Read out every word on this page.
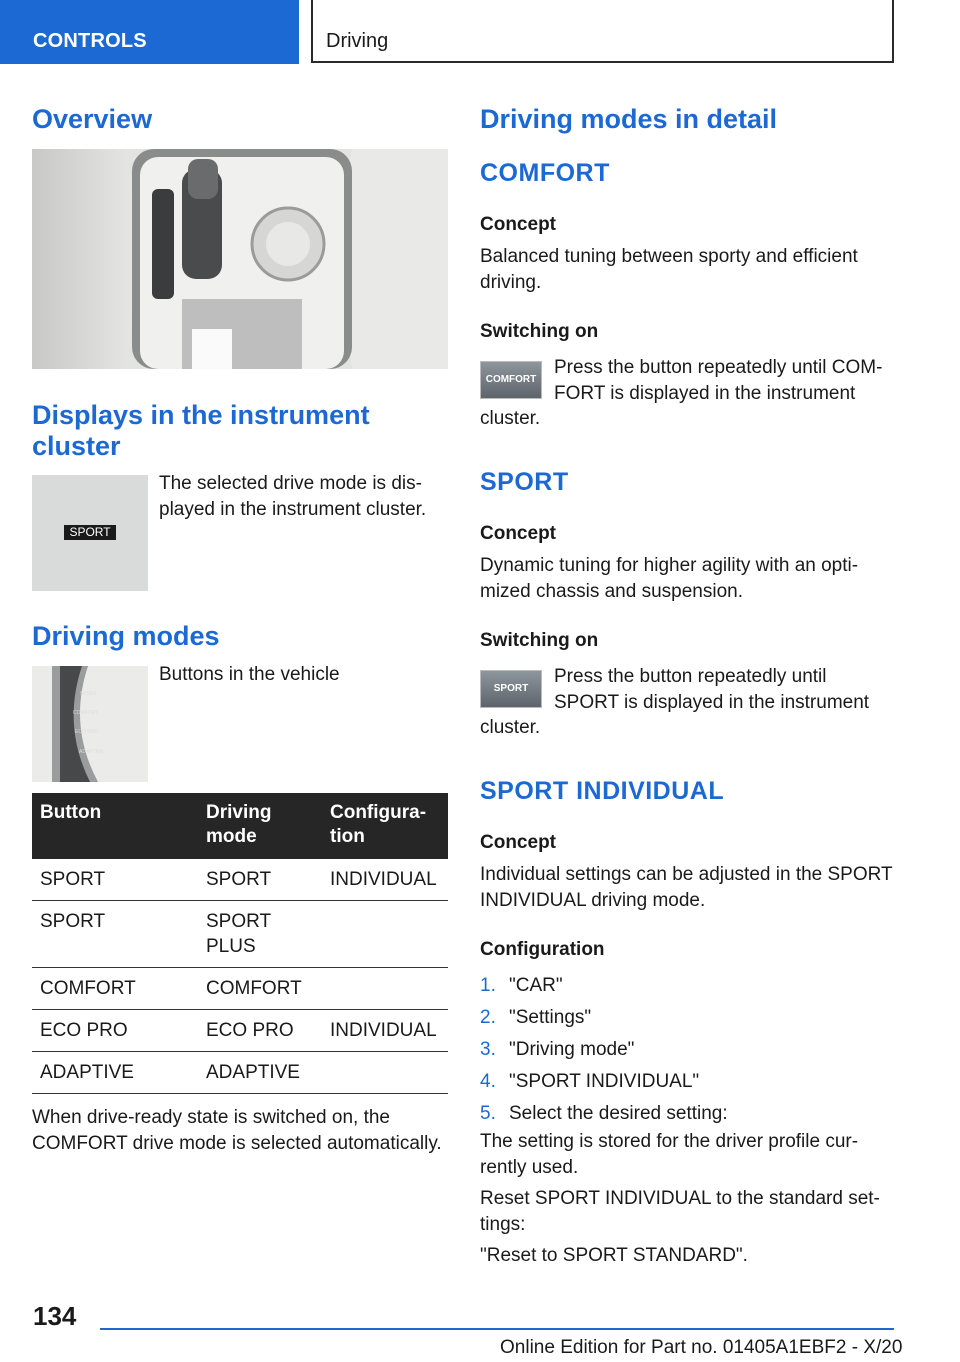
CONTROLS	Driving
Overview
Displays in the instrument
cluster
SPORT
The selected drive mode is dis‐
played in the instrument cluster.
Driving modes
SPORT
COMFORT
ECO PRO
ADAPTIVE
Buttons in the vehicle
Button	Driving mode	Configura‐ tion
SPORT	SPORT	INDIVIDUAL
SPORT	SPORT PLUS	
COMFORT	COMFORT	
ECO PRO	ECO PRO	INDIVIDUAL
ADAPTIVE	ADAPTIVE	
When drive-ready state is switched on, the
COMFORT drive mode is selected automatically.
Driving modes in detail
COMFORT
Concept
Balanced tuning between sporty and efficient
driving.
Switching on
COMFORT
Press the button repeatedly until COM‐
FORT is displayed in the instrument
cluster.
SPORT
Concept
Dynamic tuning for higher agility with an opti‐
mized chassis and suspension.
Switching on
SPORT
Press the button repeatedly until
SPORT is displayed in the instrument
cluster.
SPORT INDIVIDUAL
Concept
Individual settings can be adjusted in the SPORT
INDIVIDUAL driving mode.
Configuration
1. "CAR"
2. "Settings"
3. "Driving mode"
4. "SPORT INDIVIDUAL"
5. Select the desired setting:
The setting is stored for the driver profile cur‐
rently used.
Reset SPORT INDIVIDUAL to the standard set‐
tings:
"Reset to SPORT STANDARD".
134
Online Edition for Part no. 01405A1EBF2 - X/20
